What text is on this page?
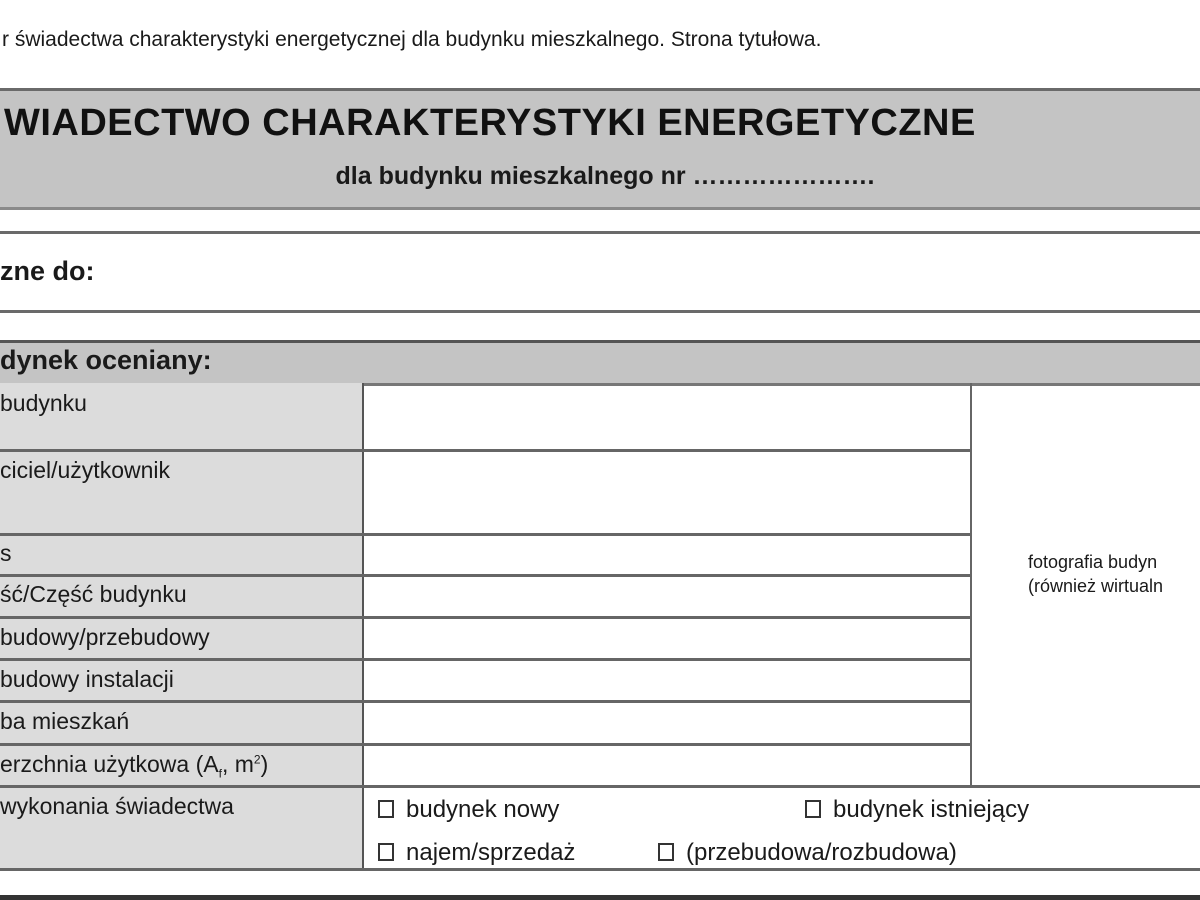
r świadectwa charakterystyki energetycznej dla budynku mieszkalnego. Strona tytułowa.
WIADECTWO CHARAKTERYSTYKI ENERGETYCZNE
dla budynku mieszkalnego nr ………………….
zne do:
dynek oceniany:
budynku
ciciel/użytkownik
s
ść/Część budynku
budowy/przebudowy
budowy instalacji
ba mieszkań
erzchnia użytkowa ($A_f$, $m^2$)
wykonania świadectwa
fotografia budyn
(również wirtualn
budynek nowy	budynek istniejący
najem/sprzedaż	(przebudowa/rozbudowa)
